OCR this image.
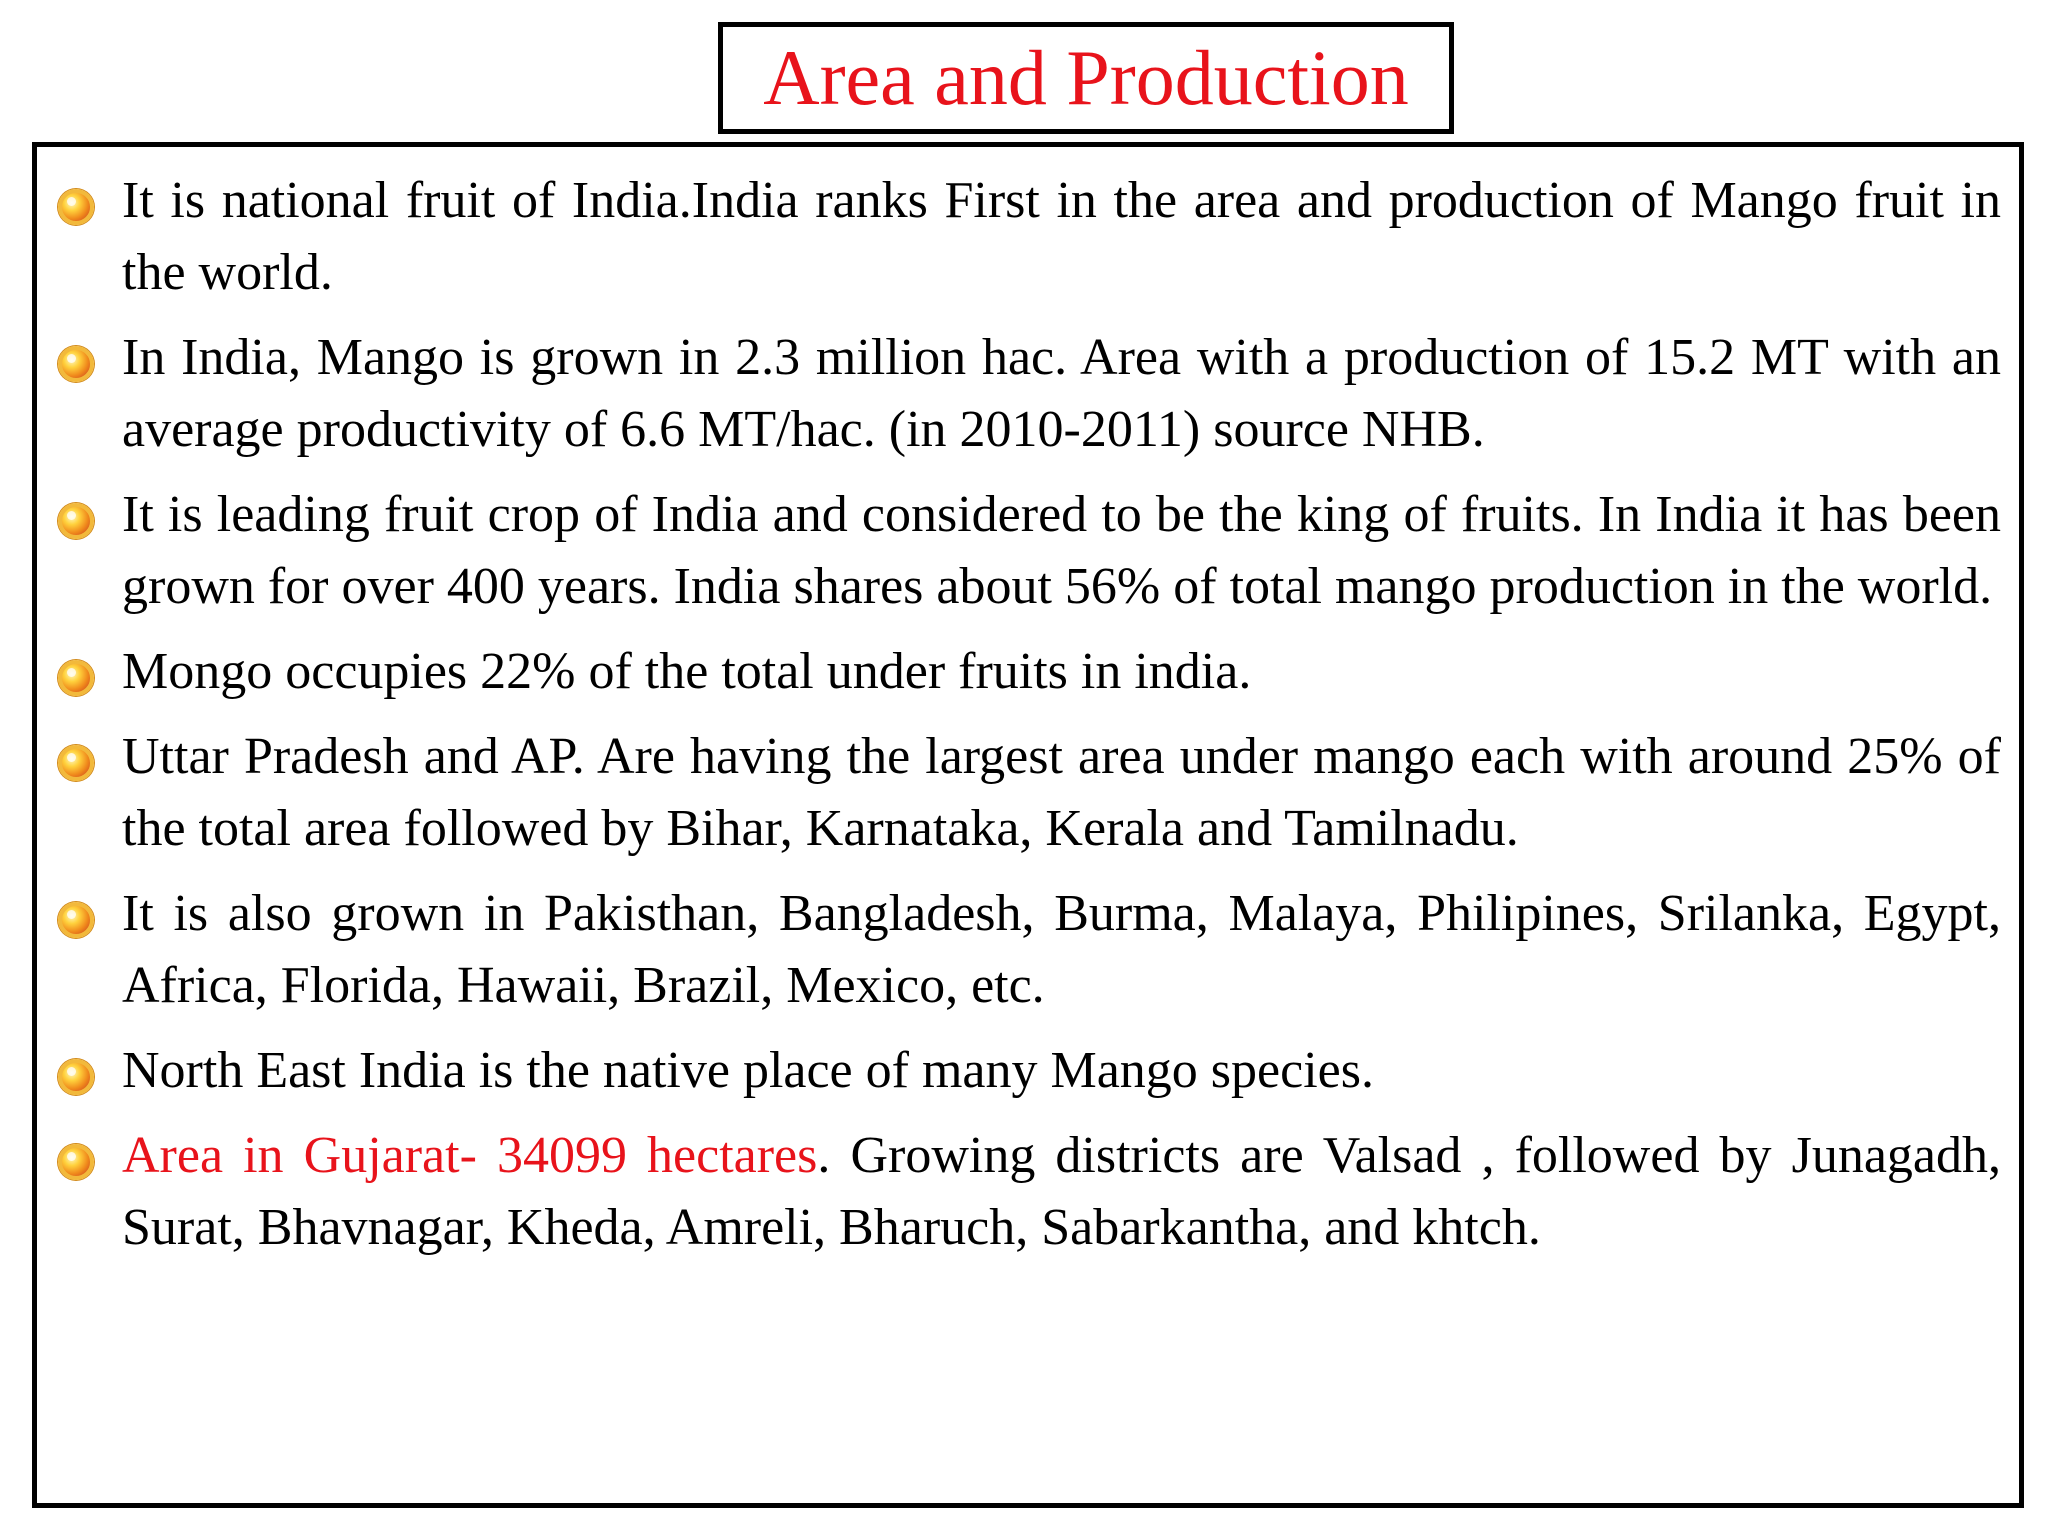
Area and Production
It is national fruit of India.India ranks First in the area and production of Mango fruit in the world.
In India, Mango is grown in 2.3 million hac. Area with a production of 15.2 MT with an average productivity of 6.6 MT/hac. (in 2010-2011) source NHB.
It is leading fruit crop of India and considered to be the king of fruits. In India it has been grown for over 400 years. India shares about 56% of total mango production in the world.
Mongo occupies 22% of the total under fruits in india.
Uttar Pradesh and AP. Are having the largest area under mango each with around 25% of the total area followed by Bihar, Karnataka, Kerala and Tamilnadu.
It is also grown in Pakisthan, Bangladesh, Burma, Malaya, Philipines, Srilanka, Egypt, Africa, Florida, Hawaii, Brazil, Mexico, etc.
North East India is the native place of many Mango species.
Area in Gujarat- 34099 hectares. Growing districts are Valsad , followed by Junagadh, Surat, Bhavnagar, Kheda, Amreli, Bharuch, Sabarkantha, and khtch.
